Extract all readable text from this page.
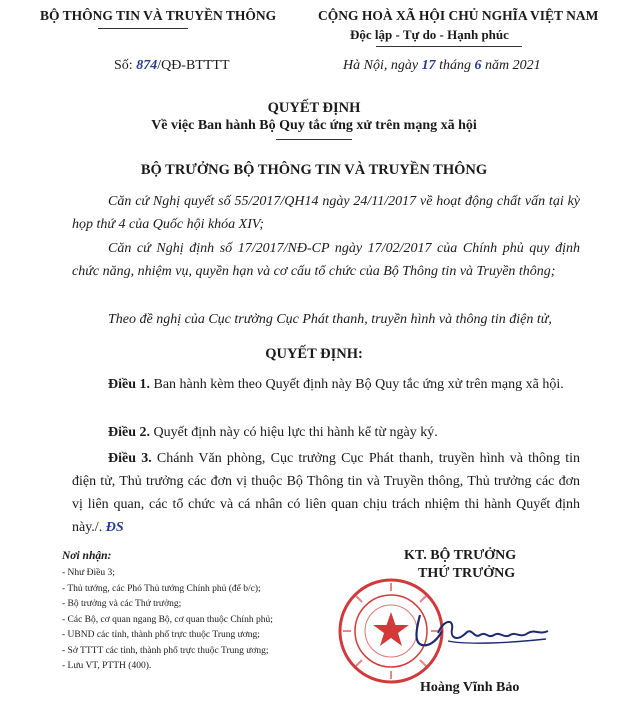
BỘ THÔNG TIN VÀ TRUYỀN THÔNG	CỘNG HOÀ XÃ HỘI CHỦ NGHĨA VIỆT NAM
Độc lập - Tự do - Hạnh phúc
Số: 874/QĐ-BTTTT	Hà Nội, ngày 17 tháng 6 năm 2021
QUYẾT ĐỊNH
Về việc Ban hành Bộ Quy tắc ứng xử trên mạng xã hội
BỘ TRƯỞNG BỘ THÔNG TIN VÀ TRUYỀN THÔNG
Căn cứ Nghị quyết số 55/2017/QH14 ngày 24/11/2017 về hoạt động chất vấn tại kỳ họp thứ 4 của Quốc hội khóa XIV;
Căn cứ Nghị định số 17/2017/NĐ-CP ngày 17/02/2017 của Chính phủ quy định chức năng, nhiệm vụ, quyền hạn và cơ cấu tổ chức của Bộ Thông tin và Truyền thông;
Theo đề nghị của Cục trưởng Cục Phát thanh, truyền hình và thông tin điện tử,
QUYẾT ĐỊNH:
Điều 1. Ban hành kèm theo Quyết định này Bộ Quy tắc ứng xử trên mạng xã hội.
Điều 2. Quyết định này có hiệu lực thi hành kể từ ngày ký.
Điều 3. Chánh Văn phòng, Cục trưởng Cục Phát thanh, truyền hình và thông tin điện tử, Thủ trưởng các đơn vị thuộc Bộ Thông tin và Truyền thông, Thủ trưởng các đơn vị liên quan, các tổ chức và cá nhân có liên quan chịu trách nhiệm thi hành Quyết định này./. ĐS
Nơi nhận:
- Như Điều 3;
- Thủ tướng, các Phó Thủ tướng Chính phủ (để b/c);
- Bộ trưởng và các Thứ trưởng;
- Các Bộ, cơ quan ngang Bộ, cơ quan thuộc Chính phủ;
- UBND các tỉnh, thành phố trực thuộc Trung ương;
- Sở TTTT các tỉnh, thành phố trực thuộc Trung ương;
- Lưu VT, PTTH (400).
KT. BỘ TRƯỞNG
THỨ TRƯỞNG
Hoàng Vĩnh Bảo
